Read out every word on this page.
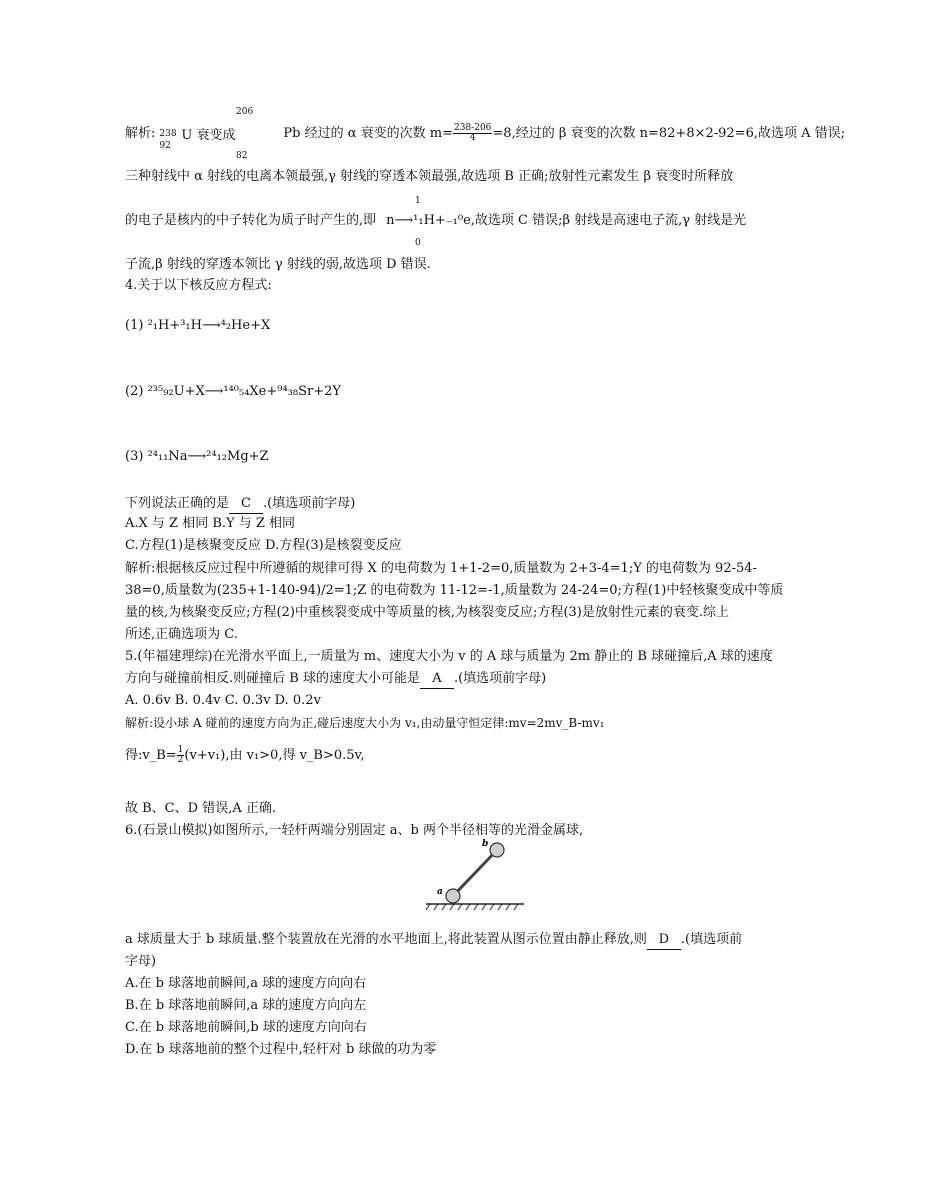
206
解析: 238
92
U 衰变成	Pb 经过的 α 衰变的次数 $m= \frac{238-206}{4} =8$,经过的 β 衰变的次数 n=82+8×2-92=6,故选项 A 错误;
82
三种射线中 α 射线的电离本领最强,γ 射线的穿透本领最强,故选项 B 正确;放射性元素发生 β 衰变时所释放
1
的电子是核内的中子转化为质子时产生的,即 n⟶¹₁H+₋₁⁰e,故选项 C 错误;β 射线是高速电子流,γ 射线是光
0
子流,β 射线的穿透本领比 γ 射线的弱,故选项 D 错误.
4.关于以下核反应方程式:
(1) ²₁H+³₁H⟶⁴₂He+X
(2) ²³⁵₉₂U+X⟶¹⁴⁰₅₄Xe+⁹⁴₃₈Sr+2Y
(3) ²⁴₁₁Na⟶²⁴₁₂Mg+Z
下列说法正确的是 C .(填选项前字母)
A.X 与 Z 相同 B.Y 与 Z 相同
C.方程(1)是核聚变反应 D.方程(3)是核裂变反应
解析:根据核反应过程中所遵循的规律可得 X 的电荷数为 1+1-2=0,质量数为 2+3-4=1;Y 的电荷数为 92-54-
38=0,质量数为(235+1-140-94)/2=1;Z 的电荷数为 11-12=-1,质量数为 24-24=0;方程(1)中轻核聚变成中等质
量的核,为核聚变反应;方程(2)中重核裂变成中等质量的核,为核裂变反应;方程(3)是放射性元素的衰变.综上
所述,正确选项为 C.
5.(年福建理综)在光滑水平面上,一质量为 m、速度大小为 v 的 A 球与质量为 2m 静止的 B 球碰撞后,A 球的速度
方向与碰撞前相反.则碰撞后 B 球的速度大小可能是 A .(填选项前字母)
A. 0.6v B. 0.4v C. 0.3v D. 0.2v
解析:设小球 A 碰前的速度方向为正,碰后速度大小为 v₁,由动量守恒定律:mv=2mv_B-mv₁
得:v_B= $\frac{1}{2} (v+v_1)$,由 v₁>0,得 v_B>0.5v,
故 B、C、D 错误,A 正确.
6.(石景山模拟)如图所示,一轻杆两端分别固定 a、b 两个半径相等的光滑金属球,
a
b
a 球质量大于 b 球质量.整个装置放在光滑的水平地面上,将此装置从图示位置由静止释放,则 D .(填选项前
字母)
A.在 b 球落地前瞬间,a 球的速度方向向右
B.在 b 球落地前瞬间,a 球的速度方向向左
C.在 b 球落地前瞬间,b 球的速度方向向右
D.在 b 球落地前的整个过程中,轻杆对 b 球做的功为零
